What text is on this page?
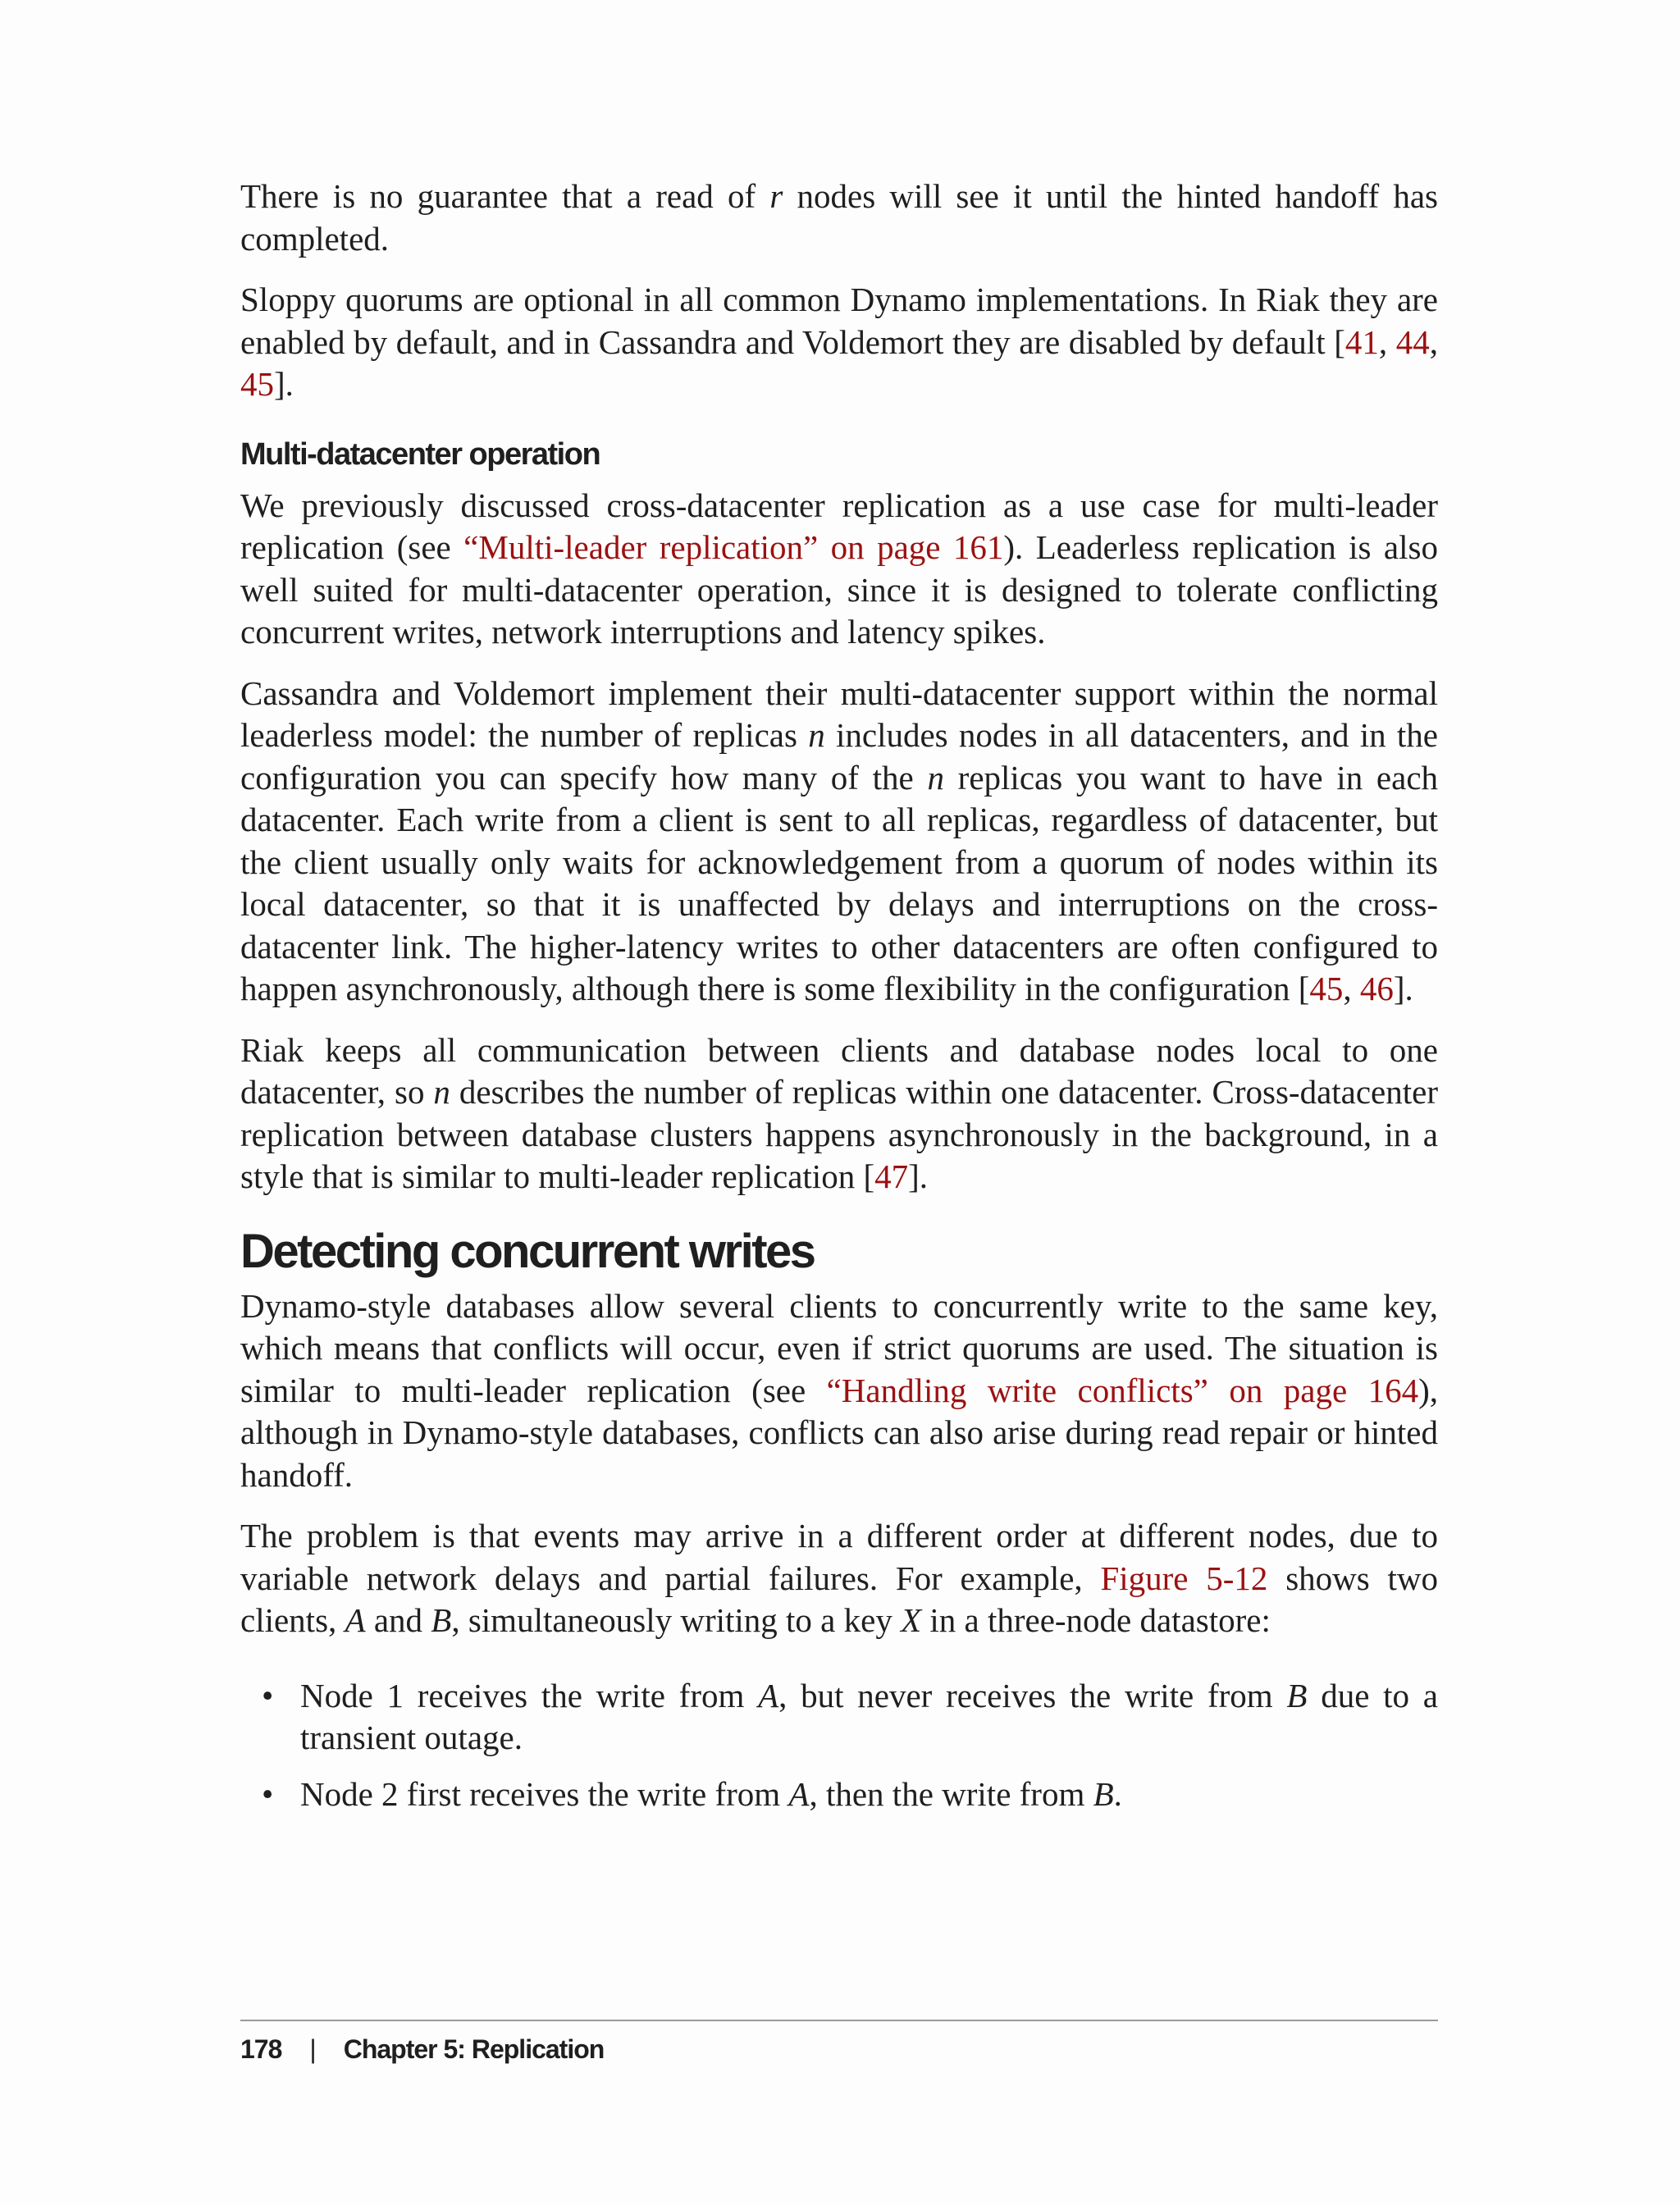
There is no guarantee that a read of r nodes will see it until the hinted handoff has completed.

Sloppy quorums are optional in all common Dynamo implementations. In Riak they are enabled by default, and in Cassandra and Voldemort they are disabled by default [41, 44, 45].

Multi-datacenter operation

We previously discussed cross-datacenter replication as a use case for multi-leader replication (see “Multi-leader replication” on page 161). Leaderless replication is also well suited for multi-datacenter operation, since it is designed to tolerate conflicting concurrent writes, network interruptions and latency spikes.

Cassandra and Voldemort implement their multi-datacenter support within the normal leaderless model: the number of replicas n includes nodes in all datacenters, and in the configuration you can specify how many of the n replicas you want to have in each datacenter. Each write from a client is sent to all replicas, regardless of datacenter, but the client usually only waits for acknowledgement from a quorum of nodes within its local datacenter, so that it is unaffected by delays and interruptions on the cross-datacenter link. The higher-latency writes to other datacenters are often configured to happen asynchronously, although there is some flexibility in the configuration [45, 46].

Riak keeps all communication between clients and database nodes local to one datacenter, so n describes the number of replicas within one datacenter. Cross-datacenter replication between database clusters happens asynchronously in the background, in a style that is similar to multi-leader replication [47].

Detecting concurrent writes

Dynamo-style databases allow several clients to concurrently write to the same key, which means that conflicts will occur, even if strict quorums are used. The situation is similar to multi-leader replication (see “Handling write conflicts” on page 164), although in Dynamo-style databases, conflicts can also arise during read repair or hinted handoff.

The problem is that events may arrive in a different order at different nodes, due to variable network delays and partial failures. For example, Figure 5-12 shows two clients, A and B, simultaneously writing to a key X in a three-node datastore:

• Node 1 receives the write from A, but never receives the write from B due to a transient outage.

• Node 2 first receives the write from A, then the write from B.

178 | Chapter 5: Replication
